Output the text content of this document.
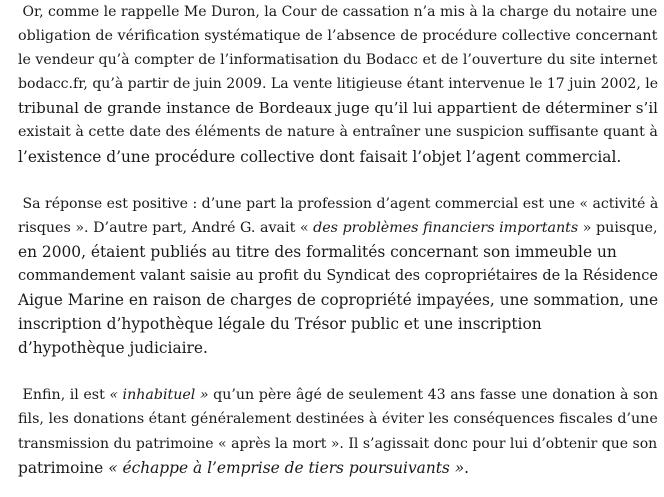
Or, comme le rappelle Me Duron, la Cour de cassation n’a mis à la charge du notaire une
obligation de vérification systématique de l’absence de procédure collective concernant
le vendeur qu’à compter de l’informatisation du Bodacc et de l’ouverture du site internet
bodacc.fr, qu’à partir de juin 2009. La vente litigieuse étant intervenue le 17 juin 2002, le
tribunal de grande instance de Bordeaux juge qu’il lui appartient de déterminer s’il
existait à cette date des éléments de nature à entraîner une suspicion suffisante quant à
l’existence d’une procédure collective dont faisait l’objet l’agent commercial.

Sa réponse est positive : d’une part la profession d’agent commercial est une « activité à
risques ». D’autre part, André G. avait « des problèmes financiers importants » puisque,
en 2000, étaient publiés au titre des formalités concernant son immeuble un
commandement valant saisie au profit du Syndicat des copropriétaires de la Résidence
Aigue Marine en raison de charges de copropriété impayées, une sommation, une
inscription d’hypothèque légale du Trésor public et une inscription
d’hypothèque judiciaire.

Enfin, il est « inhabituel » qu’un père âgé de seulement 43 ans fasse une donation à son
fils, les donations étant généralement destinées à éviter les conséquences fiscales d’une
transmission du patrimoine « après la mort ». Il s’agissait donc pour lui d’obtenir que son
patrimoine « échappe à l’emprise de tiers poursuivants ».
